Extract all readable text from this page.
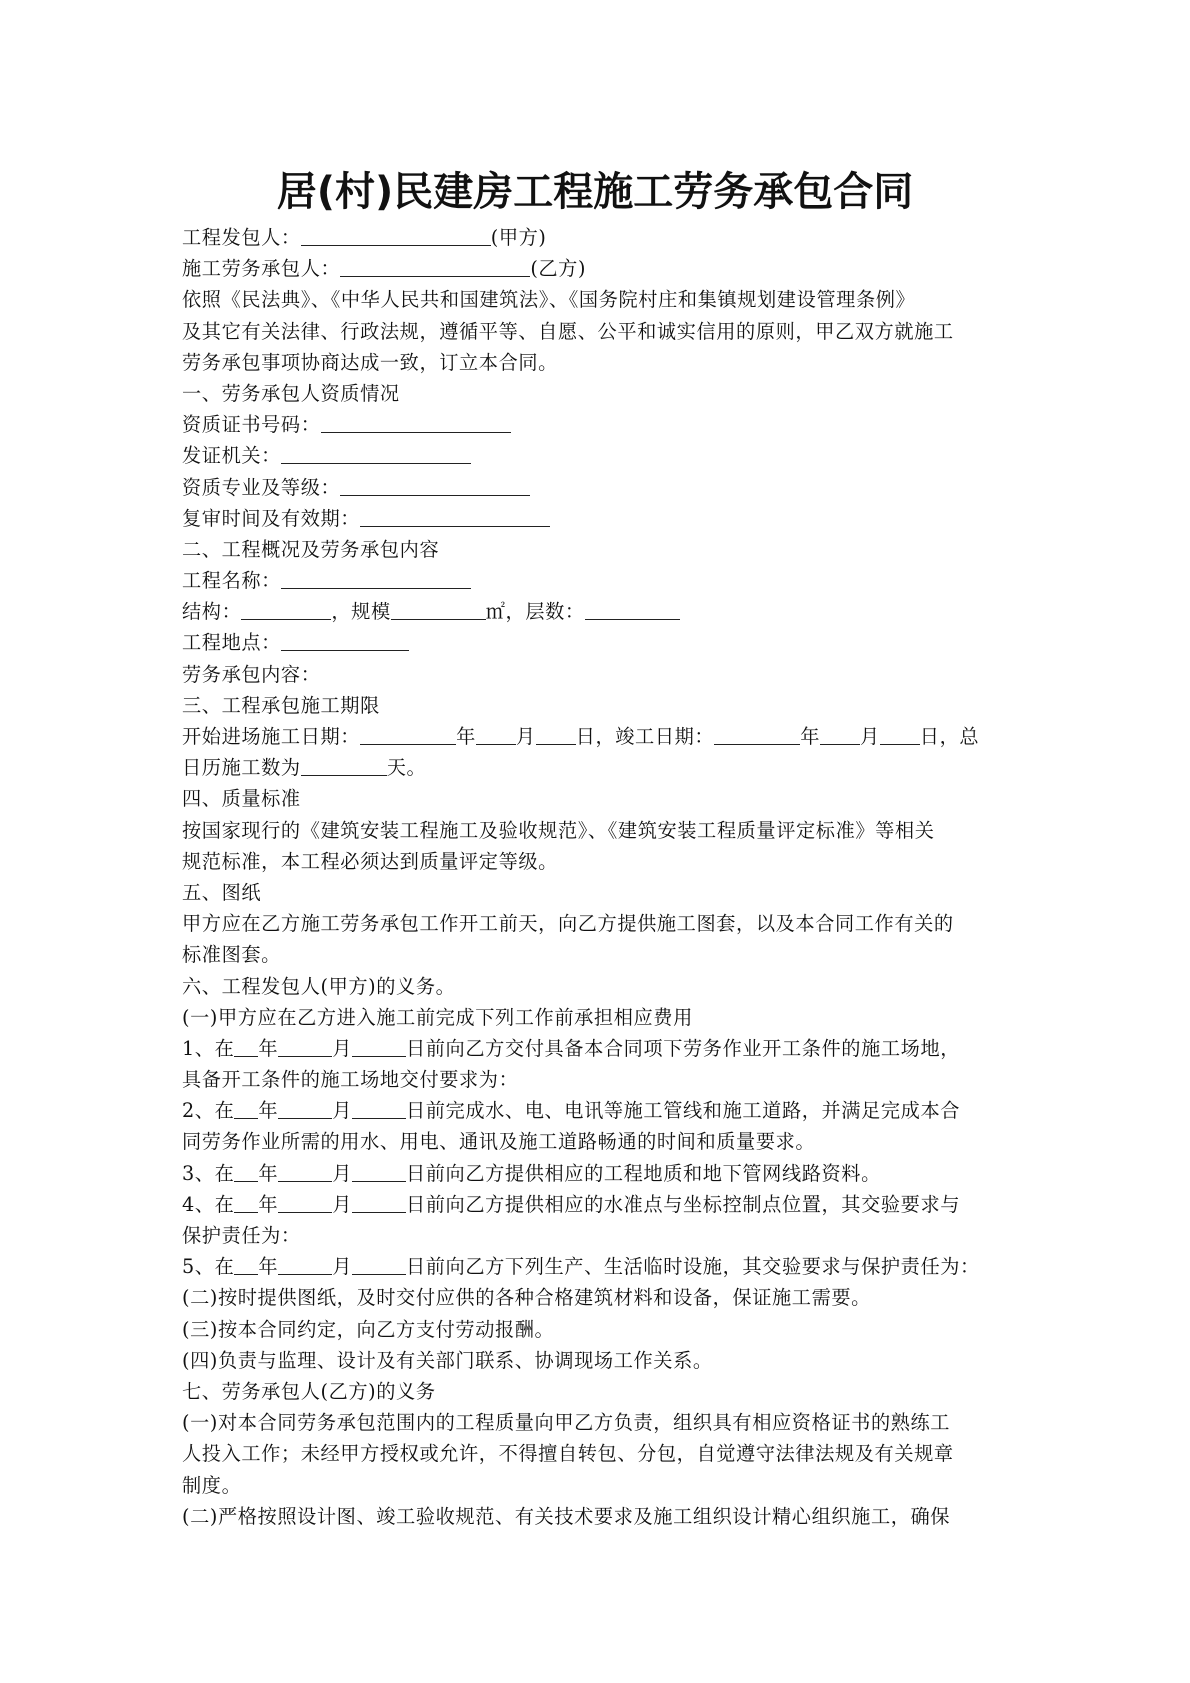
居(村)民建房工程施工劳务承包合同
工程发包人：	(甲方)
施工劳务承包人：	(乙方)
依照《民法典》、《中华人民共和国建筑法》、《国务院村庄和集镇规划建设管理条例》
及其它有关法律、行政法规，遵循平等、自愿、公平和诚实信用的原则，甲乙双方就施工
劳务承包事项协商达成一致，订立本合同。
一、劳务承包人资质情况
资质证书号码：
发证机关：
资质专业及等级：
复审时间及有效期：
二、工程概况及劳务承包内容
工程名称：
结构：	，规模	㎡，层数：
工程地点：
劳务承包内容：
三、工程承包施工期限
开始进场施工日期：	年 月 日，竣工日期：	年 月 日，总
日历施工数为	天。
四、质量标准
按国家现行的《建筑安装工程施工及验收规范》、《建筑安装工程质量评定标准》等相关
规范标准，本工程必须达到质量评定等级。
五、图纸
甲方应在乙方施工劳务承包工作开工前天，向乙方提供施工图套，以及本合同工作有关的
标准图套。
六、工程发包人(甲方)的义务。
(一)甲方应在乙方进入施工前完成下列工作前承担相应费用
1、在 年	月	日前向乙方交付具备本合同项下劳务作业开工条件的施工场地，
具备开工条件的施工场地交付要求为：
2、在 年	月	日前完成水、电、电讯等施工管线和施工道路，并满足完成本合
同劳务作业所需的用水、用电、通讯及施工道路畅通的时间和质量要求。
3、在 年	月	日前向乙方提供相应的工程地质和地下管网线路资料。
4、在 年	月	日前向乙方提供相应的水准点与坐标控制点位置，其交验要求与
保护责任为：
5、在 年	月	日前向乙方下列生产、生活临时设施，其交验要求与保护责任为：
(二)按时提供图纸，及时交付应供的各种合格建筑材料和设备，保证施工需要。
(三)按本合同约定，向乙方支付劳动报酬。
(四)负责与监理、设计及有关部门联系、协调现场工作关系。
七、劳务承包人(乙方)的义务
(一)对本合同劳务承包范围内的工程质量向甲乙方负责，组织具有相应资格证书的熟练工
人投入工作；未经甲方授权或允许，不得擅自转包、分包，自觉遵守法律法规及有关规章
制度。
(二)严格按照设计图、竣工验收规范、有关技术要求及施工组织设计精心组织施工，确保
